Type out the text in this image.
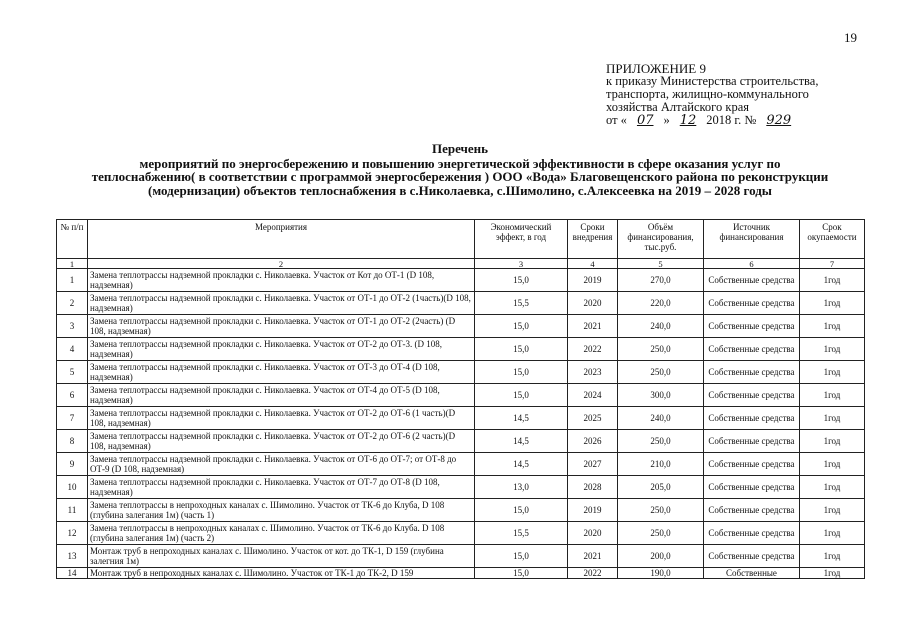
19
ПРИЛОЖЕНИЕ 9
к приказу Министерства строительства,
транспорта, жилищно-коммунального
хозяйства Алтайского края
от « 07 » 12 2018 г. № 929
Перечень
мероприятий по энергосбережению и повышению энергетической эффективности в сфере оказания услуг по теплоснабжению( в соответствии с программой энергосбережения ) ООО «Вода» Благовещенского района по реконструкции (модернизации) объектов теплоснабжения в с.Николаевка, с.Шимолино, с.Алексеевка на 2019 – 2028 годы
№ п/п	Мероприятия	Экономический эффект, в год	Сроки внедрения	Объём финансирования, тыс.руб.	Источник финансирования	Срок окупаемости
1	2	3	4	5	6	7
1	Замена теплотрассы надземной прокладки с. Николаевка. Участок от Кот до ОТ-1 (D 108, надземная)	15,0	2019	270,0	Собственные средства	1год
2	Замена теплотрассы надземной прокладки с. Николаевка. Участок от ОТ-1 до ОТ-2 (1часть)(D 108, надземная)	15,5	2020	220,0	Собственные средства	1год
3	Замена теплотрассы надземной прокладки с. Николаевка. Участок от ОТ-1 до ОТ-2 (2часть) (D 108, надземная)	15,0	2021	240,0	Собственные средства	1год
4	Замена теплотрассы надземной прокладки с. Николаевка. Участок от ОТ-2 до ОТ-3. (D 108, надземная)	15,0	2022	250,0	Собственные средства	1год
5	Замена теплотрассы надземной прокладки с. Николаевка. Участок от ОТ-3 до ОТ-4 (D 108, надземная)	15,0	2023	250,0	Собственные средства	1год
6	Замена теплотрассы надземной прокладки с. Николаевка. Участок от ОТ-4 до ОТ-5 (D 108, надземная)	15,0	2024	300,0	Собственные средства	1год
7	Замена теплотрассы надземной прокладки с. Николаевка. Участок от ОТ-2 до ОТ-6 (1 часть)(D 108, надземная)	14,5	2025	240,0	Собственные средства	1год
8	Замена теплотрассы надземной прокладки с. Николаевка. Участок от ОТ-2 до ОТ-6 (2 часть)(D 108, надземная)	14,5	2026	250,0	Собственные средства	1год
9	Замена теплотрассы надземной прокладки с. Николаевка. Участок от ОТ-6 до ОТ-7; от ОТ-8 до ОТ-9 (D 108, надземная)	14,5	2027	210,0	Собственные средства	1год
10	Замена теплотрассы надземной прокладки с. Николаевка. Участок от ОТ-7 до ОТ-8 (D 108, надземная)	13,0	2028	205,0	Собственные средства	1год
11	Замена теплотрассы в непроходных каналах с. Шимолино. Участок от ТК-6 до Клуба, D 108 (глубина залегания 1м) (часть 1)	15,0	2019	250,0	Собственные средства	1год
12	Замена теплотрассы в непроходных каналах с. Шимолино. Участок от ТК-6 до Клуба. D 108 (глубина залегания 1м) (часть 2)	15,5	2020	250,0	Собственные средства	1год
13	Монтаж труб в непроходных каналах с. Шимолино. Участок от кот. до ТК-1, D 159 (глубина залегния 1м)	15,0	2021	200,0	Собственные средства	1год
14	Монтаж труб в непроходных каналах с. Шимолино. Участок от ТК-1 до ТК-2, D 159	15,0	2022	190,0	Собственные	1год
